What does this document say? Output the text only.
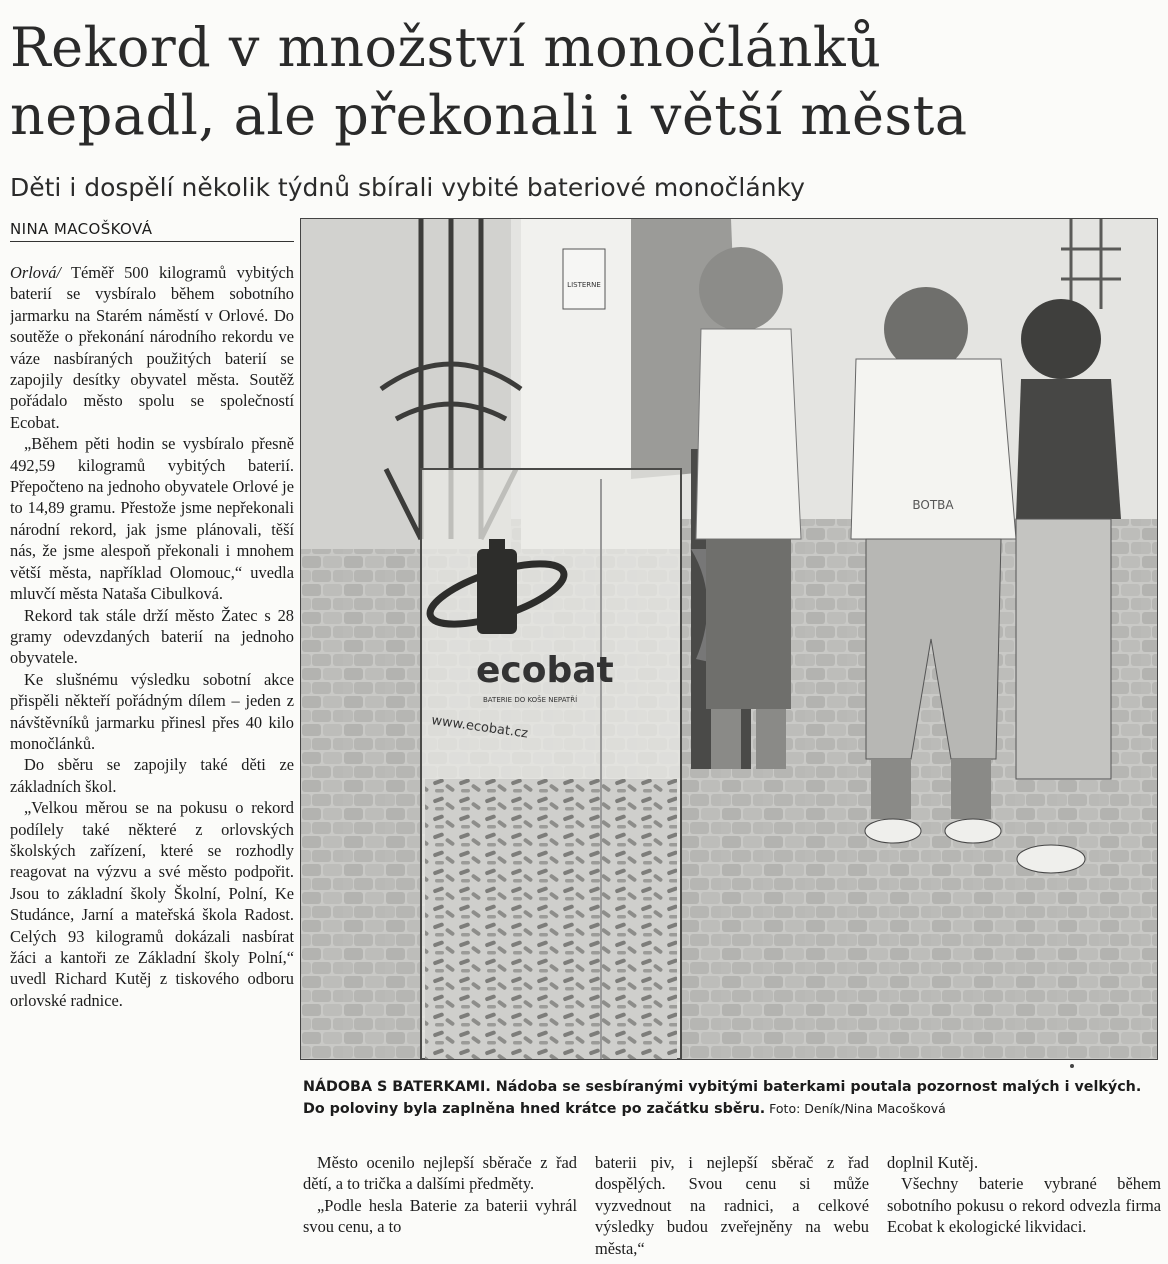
Rekord v množství monočlánků
nepadl, ale překonali i větší města
Děti i dospělí několik týdnů sbírali vybité bateriové monočlánky
NINA MACOŠKOVÁ

Orlová/ Téměř 500 kilogramů vybitých baterií se vysbíralo během sobotního jarmarku na Starém náměstí v Orlové. Do soutěže o překonání národního rekordu ve váze nasbíraných použitých baterií se zapojily desítky obyvatel města. Soutěž pořádalo město spolu se společností Ecobat.

„Během pěti hodin se vysbíralo přesně 492,59 kilogramů vybitých baterií. Přepočteno na jednoho obyvatele Orlové je to 14,89 gramu. Přestože jsme nepřekonali národní rekord, jak jsme plánovali, těší nás, že jsme alespoň překonali i mnohem větší města, například Olomouc,“ uvedla mluvčí města Nataša Cibulková.

Rekord tak stále drží město Žatec s 28 gramy odevzdaných baterií na jednoho obyvatele.

Ke slušnému výsledku sobotní akce přispěli někteří pořádným dílem – jeden z návštěvníků jarmarku přinesl přes 40 kilo monočlánků.

Do sběru se zapojily také děti ze základních škol.

„Velkou měrou se na pokusu o rekord podílely také některé z orlovských školských zařízení, které se rozhodly reagovat na výzvu a své město podpořit. Jsou to základní školy Školní, Polní, Ke Studánce, Jarní a mateřská škola Radost. Celých 93 kilogramů dokázali nasbírat žáci a kantoři ze Základní školy Polní,“ uvedl Richard Kutěj z tiskového odboru orlovské radnice.

LISTERNE
BOTBA
ecobat
BATERIE DO KOŠE NEPATŘÍ
www.ecobat.cz
NÁDOBA S BATERKAMI. Nádoba se sesbíranými vybitými baterkami poutala pozornost malých i velkých. Do poloviny byla zaplněna hned krátce po začátku sběru. Foto: Deník/Nina Macošková

Město ocenilo nejlepší sběrače z řad dětí, a to trička a dalšími předměty.

„Podle hesla Baterie za baterii vyhrál svou cenu, a to

baterii piv, i nejlepší sběrač z řad dospělých. Svou cenu si může vyzvednout na radnici, a celkové výsledky budou zveřejněny na webu města,“

doplnil Kutěj.

Všechny baterie vybrané během sobotního pokusu o rekord odvezla firma Ecobat k ekologické likvidaci.
